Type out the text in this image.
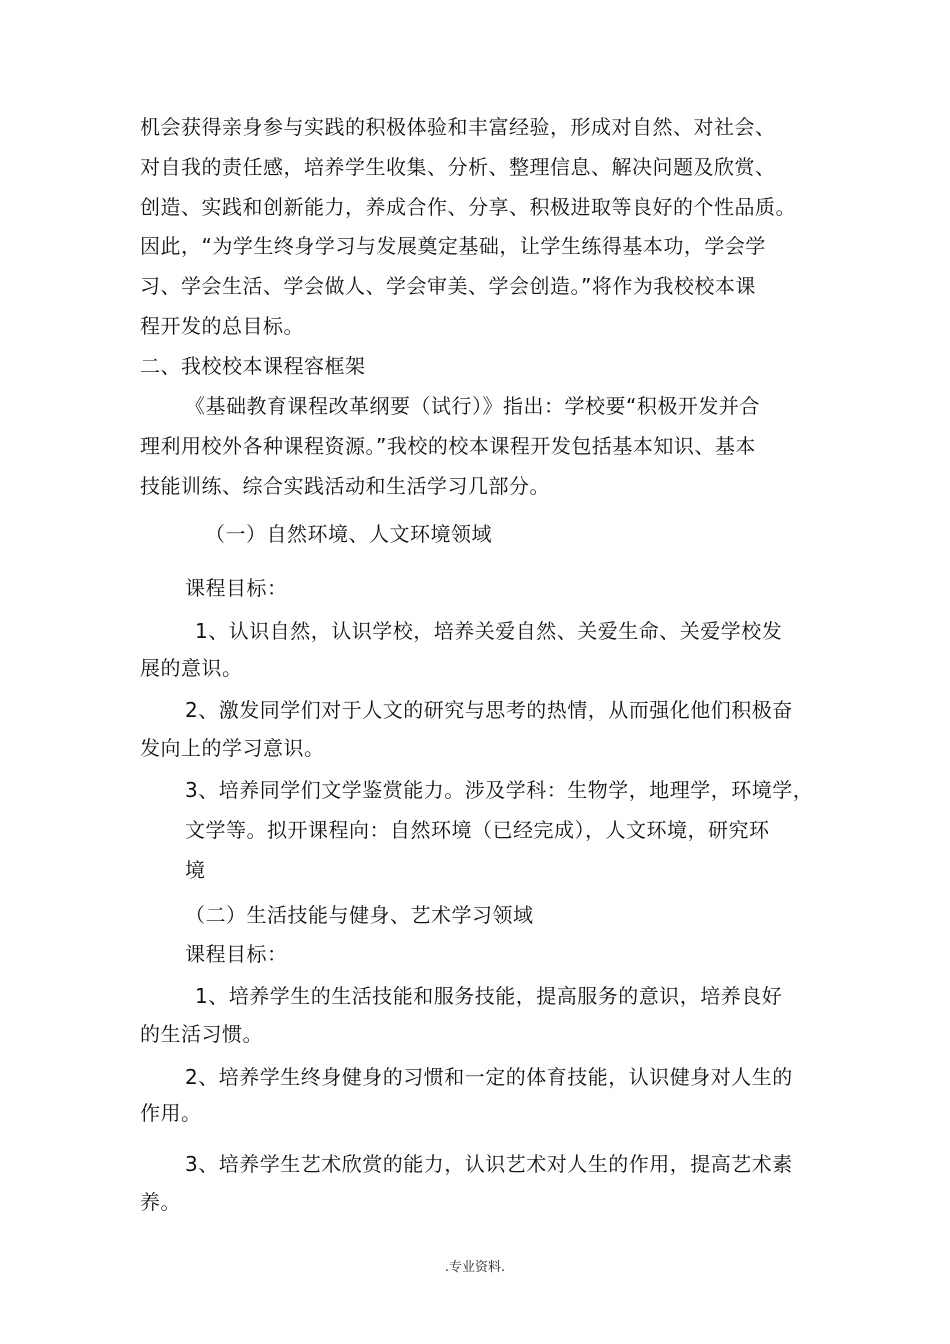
机会获得亲身参与实践的积极体验和丰富经验，形成对自然、对社会、
对自我的责任感，培养学生收集、分析、整理信息、解决问题及欣赏、
创造、实践和创新能力，养成合作、分享、积极进取等良好的个性品质。
因此，“为学生终身学习与发展奠定基础，让学生练得基本功，学会学
习、学会生活、学会做人、学会审美、学会创造。”将作为我校校本课
程开发的总目标。
二、我校校本课程容框架
《基础教育课程改革纲要（试行）》指出：学校要“积极开发并合
理利用校外各种课程资源。”我校的校本课程开发包括基本知识、基本
技能训练、综合实践活动和生活学习几部分。
（一）自然环境、人文环境领域
课程目标：
1、认识自然，认识学校，培养关爱自然、关爱生命、关爱学校发
展的意识。
2、激发同学们对于人文的研究与思考的热情，从而强化他们积极奋
发向上的学习意识。
3、培养同学们文学鉴赏能力。涉及学科：生物学，地理学，环境学，
文学等。拟开课程向：自然环境（已经完成），人文环境，研究环
境
（二）生活技能与健身、艺术学习领域
课程目标：
1、培养学生的生活技能和服务技能，提高服务的意识，培养良好
的生活习惯。
2、培养学生终身健身的习惯和一定的体育技能，认识健身对人生的
作用。
3、培养学生艺术欣赏的能力，认识艺术对人生的作用，提高艺术素
养。
.专业资料.
